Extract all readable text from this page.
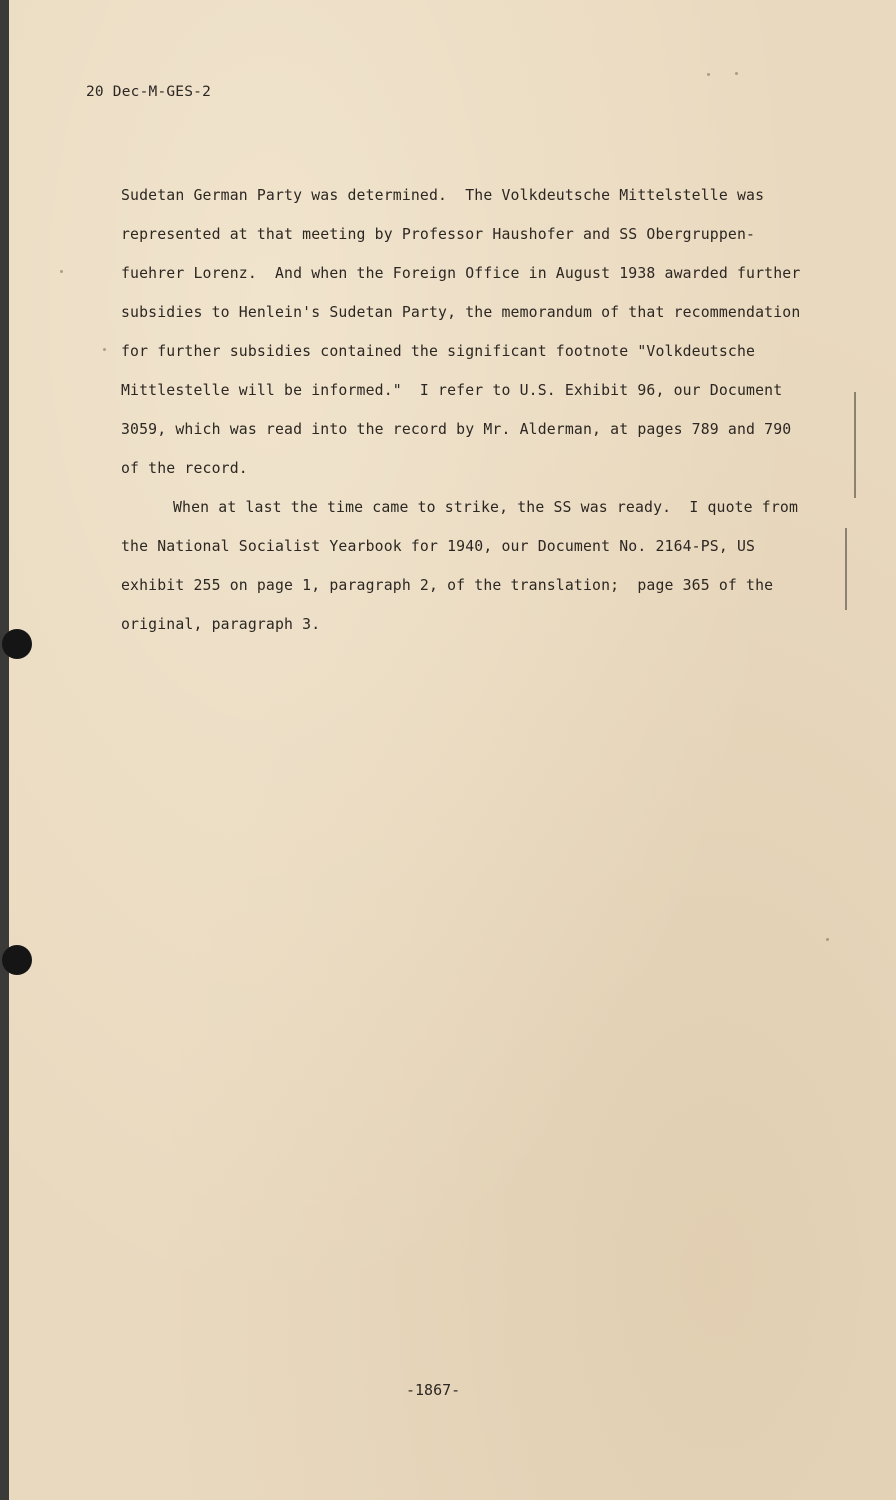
20 Dec-M-GES-2
Sudetan German Party was determined.  The Volkdeutsche Mittelstelle was
represented at that meeting by Professor Haushofer and SS Obergruppen-
fuehrer Lorenz.  And when the Foreign Office in August 1938 awarded further
subsidies to Henlein's Sudetan Party, the memorandum of that recommendation
for further subsidies contained the significant footnote "Volkdeutsche
Mittlestelle will be informed."  I refer to U.S. Exhibit 96, our Document
3059, which was read into the record by Mr. Alderman, at pages 789 and 790
of the record.
When at last the time came to strike, the SS was ready.  I quote from
the National Socialist Yearbook for 1940, our Document No. 2164-PS, US
exhibit 255 on page 1, paragraph 2, of the translation;  page 365 of the
original, paragraph 3.
-1867-
